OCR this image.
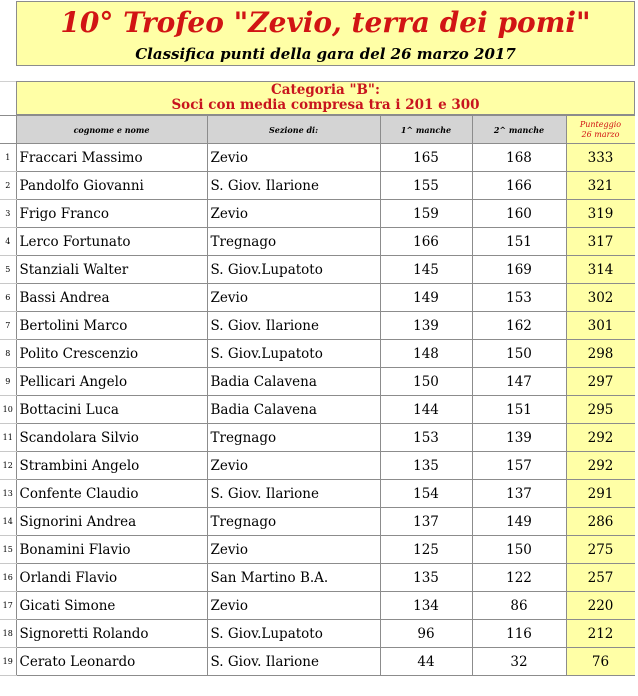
10° Trofeo "Zevio, terra dei pomi"
Classifica punti della gara del 26 marzo 2017
Categoria "B":
Soci con media compresa tra i 201 e 300
	cognome e nome	Sezione di:	1^ manche	2^ manche	Punteggio
26 marzo

1	Fraccari Massimo	Zevio	165	168	333
2	Pandolfo Giovanni	S. Giov. Ilarione	155	166	321
3	Frigo Franco	Zevio	159	160	319
4	Lerco Fortunato	Tregnago	166	151	317
5	Stanziali Walter	S. Giov.Lupatoto	145	169	314
6	Bassi Andrea	Zevio	149	153	302
7	Bertolini Marco	S. Giov. Ilarione	139	162	301
8	Polito Crescenzio	S. Giov.Lupatoto	148	150	298
9	Pellicari Angelo	Badia Calavena	150	147	297
10	Bottacini Luca	Badia Calavena	144	151	295
11	Scandolara Silvio	Tregnago	153	139	292
12	Strambini Angelo	Zevio	135	157	292
13	Confente Claudio	S. Giov. Ilarione	154	137	291
14	Signorini Andrea	Tregnago	137	149	286
15	Bonamini Flavio	Zevio	125	150	275
16	Orlandi Flavio	San Martino B.A.	135	122	257
17	Gicati Simone	Zevio	134	86	220
18	Signoretti Rolando	S. Giov.Lupatoto	96	116	212
19	Cerato Leonardo	S. Giov. Ilarione	44	32	76
